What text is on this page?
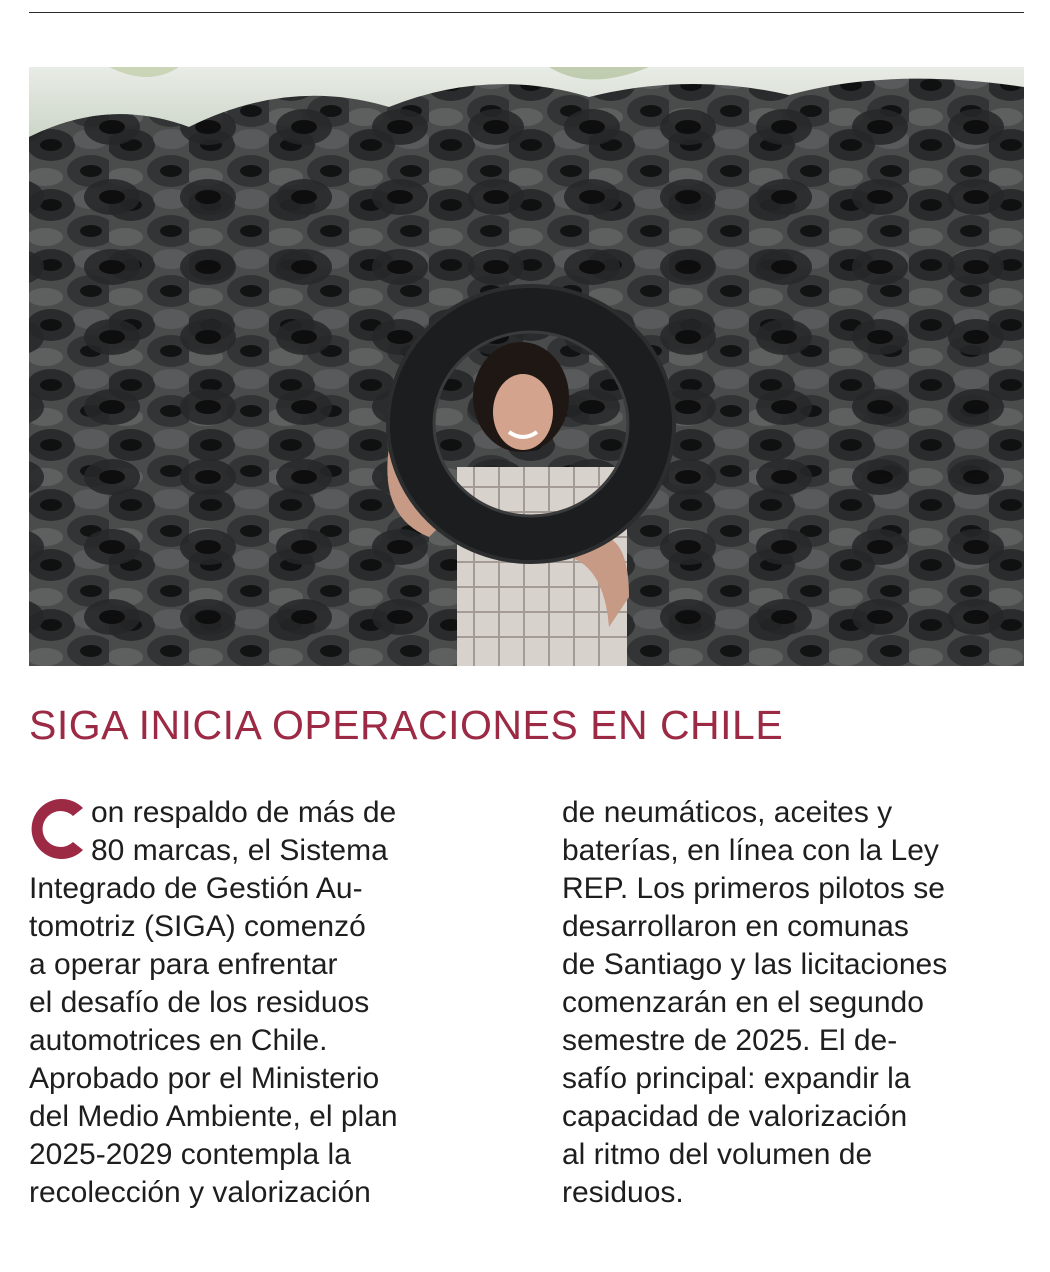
SIGA INICIA OPERACIONES EN CHILE
on respaldo de más de
80 marcas, el Sistema
Integrado de Gestión Au-
tomotriz (SIGA) comenzó
a operar para enfrentar
el desafío de los residuos
automotrices en Chile.
Aprobado por el Ministerio
del Medio Ambiente, el plan
2025-2029 contempla la
recolección y valorización
de neumáticos, aceites y
baterías, en línea con la Ley
REP. Los primeros pilotos se
desarrollaron en comunas
de Santiago y las licitaciones
comenzarán en el segundo
semestre de 2025. El de-
safío principal: expandir la
capacidad de valorización
al ritmo del volumen de
residuos.
